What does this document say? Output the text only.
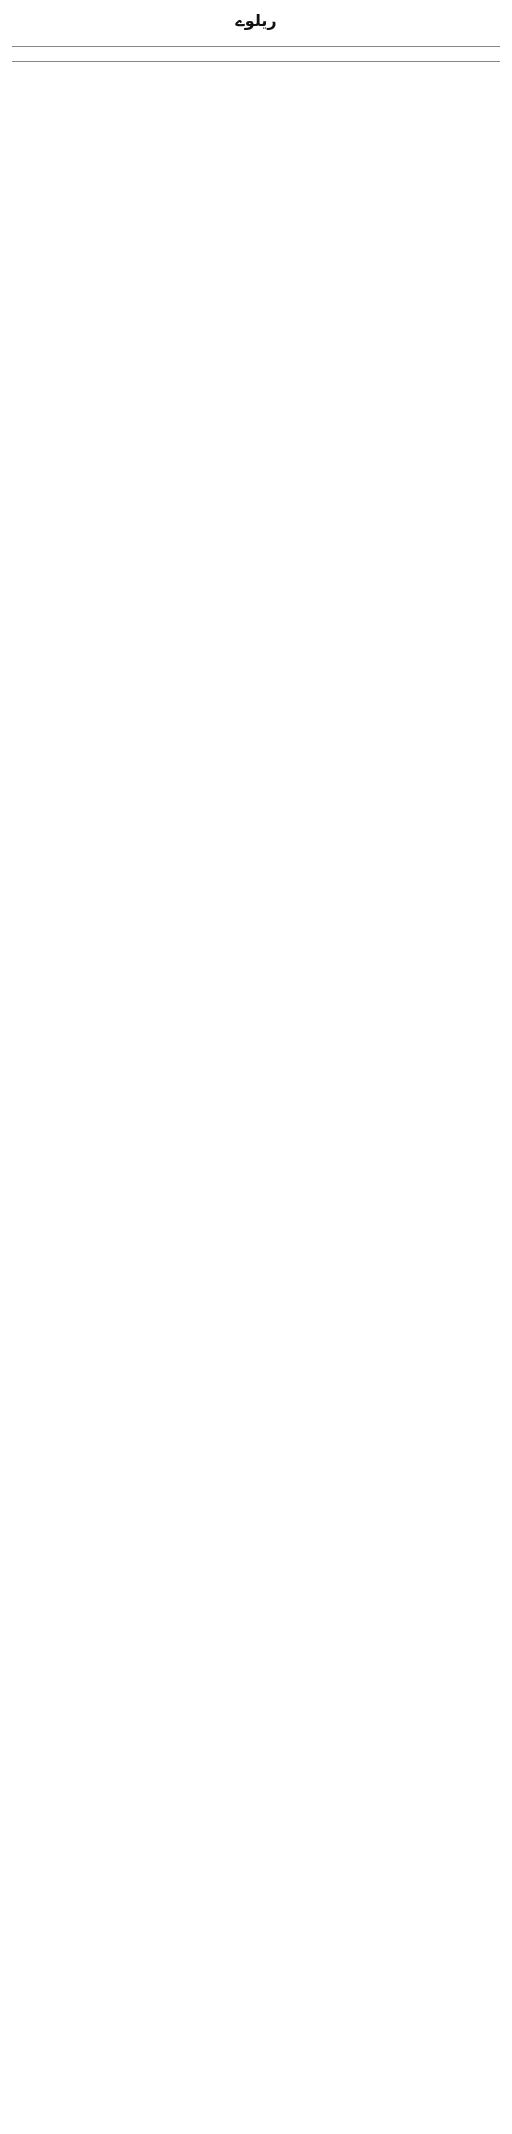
ریلوے
